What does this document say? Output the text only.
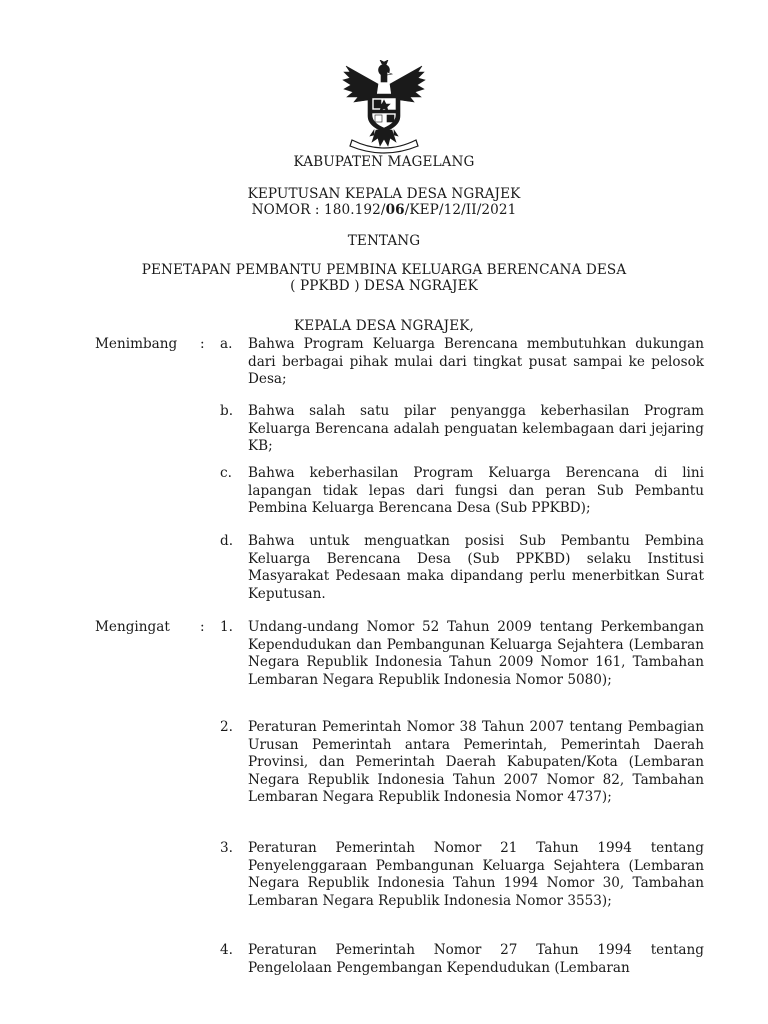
KABUPATEN MAGELANG
KEPUTUSAN KEPALA DESA NGRAJEK
NOMOR : 180.192/06/KEP/12/II/2021
TENTANG
PENETAPAN PEMBANTU PEMBINA KELUARGA BERENCANA DESA
( PPKBD ) DESA NGRAJEK
KEPALA DESA NGRAJEK,
Menimbang : a. Bahwa Program Keluarga Berencana membutuhkan dukungan dari berbagai pihak mulai dari tingkat pusat sampai ke pelosok Desa;
b. Bahwa salah satu pilar penyangga keberhasilan Program Keluarga Berencana adalah penguatan kelembagaan dari jejaring KB;
c. Bahwa keberhasilan Program Keluarga Berencana di lini lapangan tidak lepas dari fungsi dan peran Sub Pembantu Pembina Keluarga Berencana Desa (Sub PPKBD);
d. Bahwa untuk menguatkan posisi Sub Pembantu Pembina Keluarga Berencana Desa (Sub PPKBD) selaku Institusi Masyarakat Pedesaan maka dipandang perlu menerbitkan Surat Keputusan.
Mengingat : 1. Undang-undang Nomor 52 Tahun 2009 tentang Perkembangan Kependudukan dan Pembangunan Keluarga Sejahtera (Lembaran Negara Republik Indonesia Tahun 2009 Nomor 161, Tambahan Lembaran Negara Republik Indonesia Nomor 5080);
2. Peraturan Pemerintah Nomor 38 Tahun 2007 tentang Pembagian Urusan Pemerintah antara Pemerintah, Pemerintah Daerah Provinsi, dan Pemerintah Daerah Kabupaten/Kota (Lembaran Negara Republik Indonesia Tahun 2007 Nomor 82, Tambahan Lembaran Negara Republik Indonesia Nomor 4737);
3. Peraturan Pemerintah Nomor 21 Tahun 1994 tentang Penyelenggaraan Pembangunan Keluarga Sejahtera (Lembaran Negara Republik Indonesia Tahun 1994 Nomor 30, Tambahan Lembaran Negara Republik Indonesia Nomor 3553);
4. Peraturan Pemerintah Nomor 27 Tahun 1994 tentang Pengelolaan Pengembangan Kependudukan (Lembaran
